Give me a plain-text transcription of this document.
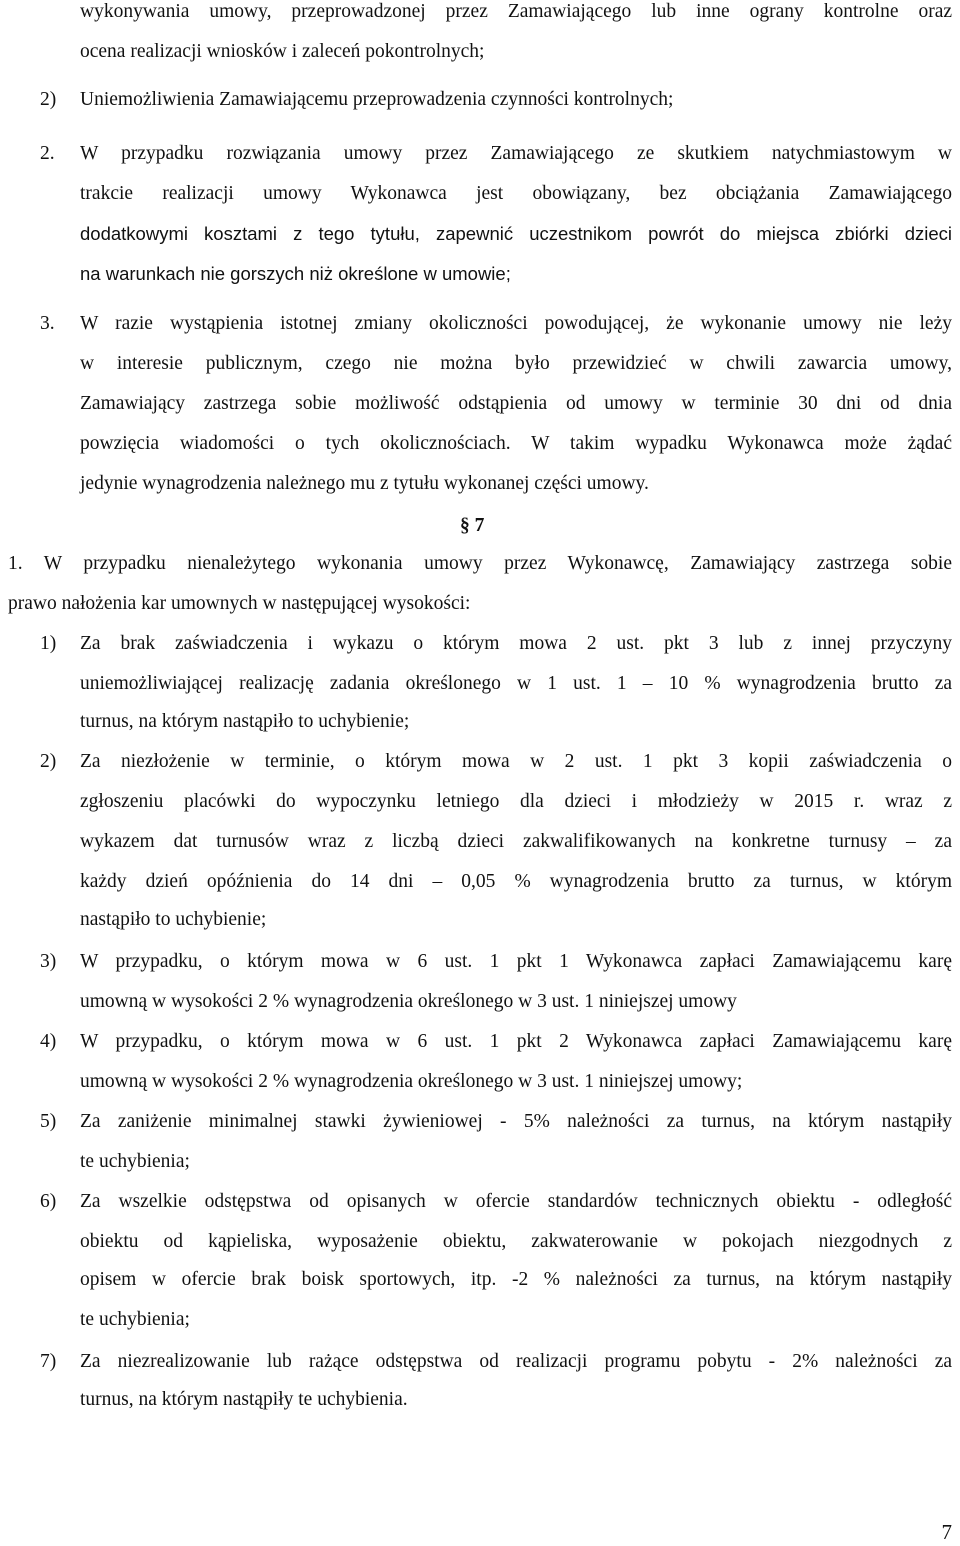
wykonywania umowy, przeprowadzonej przez Zamawiającego lub inne ograny kontrolne oraz

ocena realizacji wniosków i zaleceń pokontrolnych;

2) Uniemożliwienia Zamawiającemu przeprowadzenia czynności kontrolnych;

2. W przypadku rozwiązania umowy przez Zamawiającego ze skutkiem natychmiastowym w

trakcie realizacji umowy Wykonawca jest obowiązany, bez obciążania Zamawiającego

dodatkowymi kosztami z tego tytułu, zapewnić uczestnikom powrót do miejsca zbiórki dzieci

na warunkach nie gorszych niż określone w umowie;

3. W razie wystąpienia istotnej zmiany okoliczności powodującej, że wykonanie umowy nie leży

w interesie publicznym, czego nie można było przewidzieć w chwili zawarcia umowy,

Zamawiający zastrzega sobie możliwość odstąpienia od umowy w terminie 30 dni od dnia

powzięcia wiadomości o tych okolicznościach. W takim wypadku Wykonawca może żądać

jedynie wynagrodzenia należnego mu z tytułu wykonanej części umowy.

§ 7

1. W przypadku nienależytego wykonania umowy przez Wykonawcę, Zamawiający zastrzega sobie

prawo nałożenia kar umownych w następującej wysokości:

1) Za brak zaświadczenia i wykazu o którym mowa 2 ust. pkt 3 lub z innej przyczyny

uniemożliwiającej realizację zadania określonego w 1 ust. 1 – 10 % wynagrodzenia brutto za

turnus, na którym nastąpiło to uchybienie;

2) Za niezłożenie w terminie, o którym mowa w 2 ust. 1 pkt 3 kopii zaświadczenia o

zgłoszeniu placówki do wypoczynku letniego dla dzieci i młodzieży w 2015 r. wraz z

wykazem dat turnusów wraz z liczbą dzieci zakwalifikowanych na konkretne turnusy – za

każdy dzień opóźnienia do 14 dni – 0,05 % wynagrodzenia brutto za turnus, w którym

nastąpiło to uchybienie;

3) W przypadku, o którym mowa w 6 ust. 1 pkt 1 Wykonawca zapłaci Zamawiającemu karę

umowną w wysokości 2 % wynagrodzenia określonego w 3 ust. 1 niniejszej umowy

4) W przypadku, o którym mowa w 6 ust. 1 pkt 2 Wykonawca zapłaci Zamawiającemu karę

umowną w wysokości 2 % wynagrodzenia określonego w 3 ust. 1 niniejszej umowy;

5) Za zaniżenie minimalnej stawki żywieniowej - 5% należności za turnus, na którym nastąpiły

te uchybienia;

6) Za wszelkie odstępstwa od opisanych w ofercie standardów technicznych obiektu - odległość

obiektu od kąpieliska, wyposażenie obiektu, zakwaterowanie w pokojach niezgodnych z

opisem w ofercie brak boisk sportowych, itp. -2 % należności za turnus, na którym nastąpiły

te uchybienia;

7) Za niezrealizowanie lub rażące odstępstwa od realizacji programu pobytu - 2% należności za

turnus, na którym nastąpiły te uchybienia.

7
